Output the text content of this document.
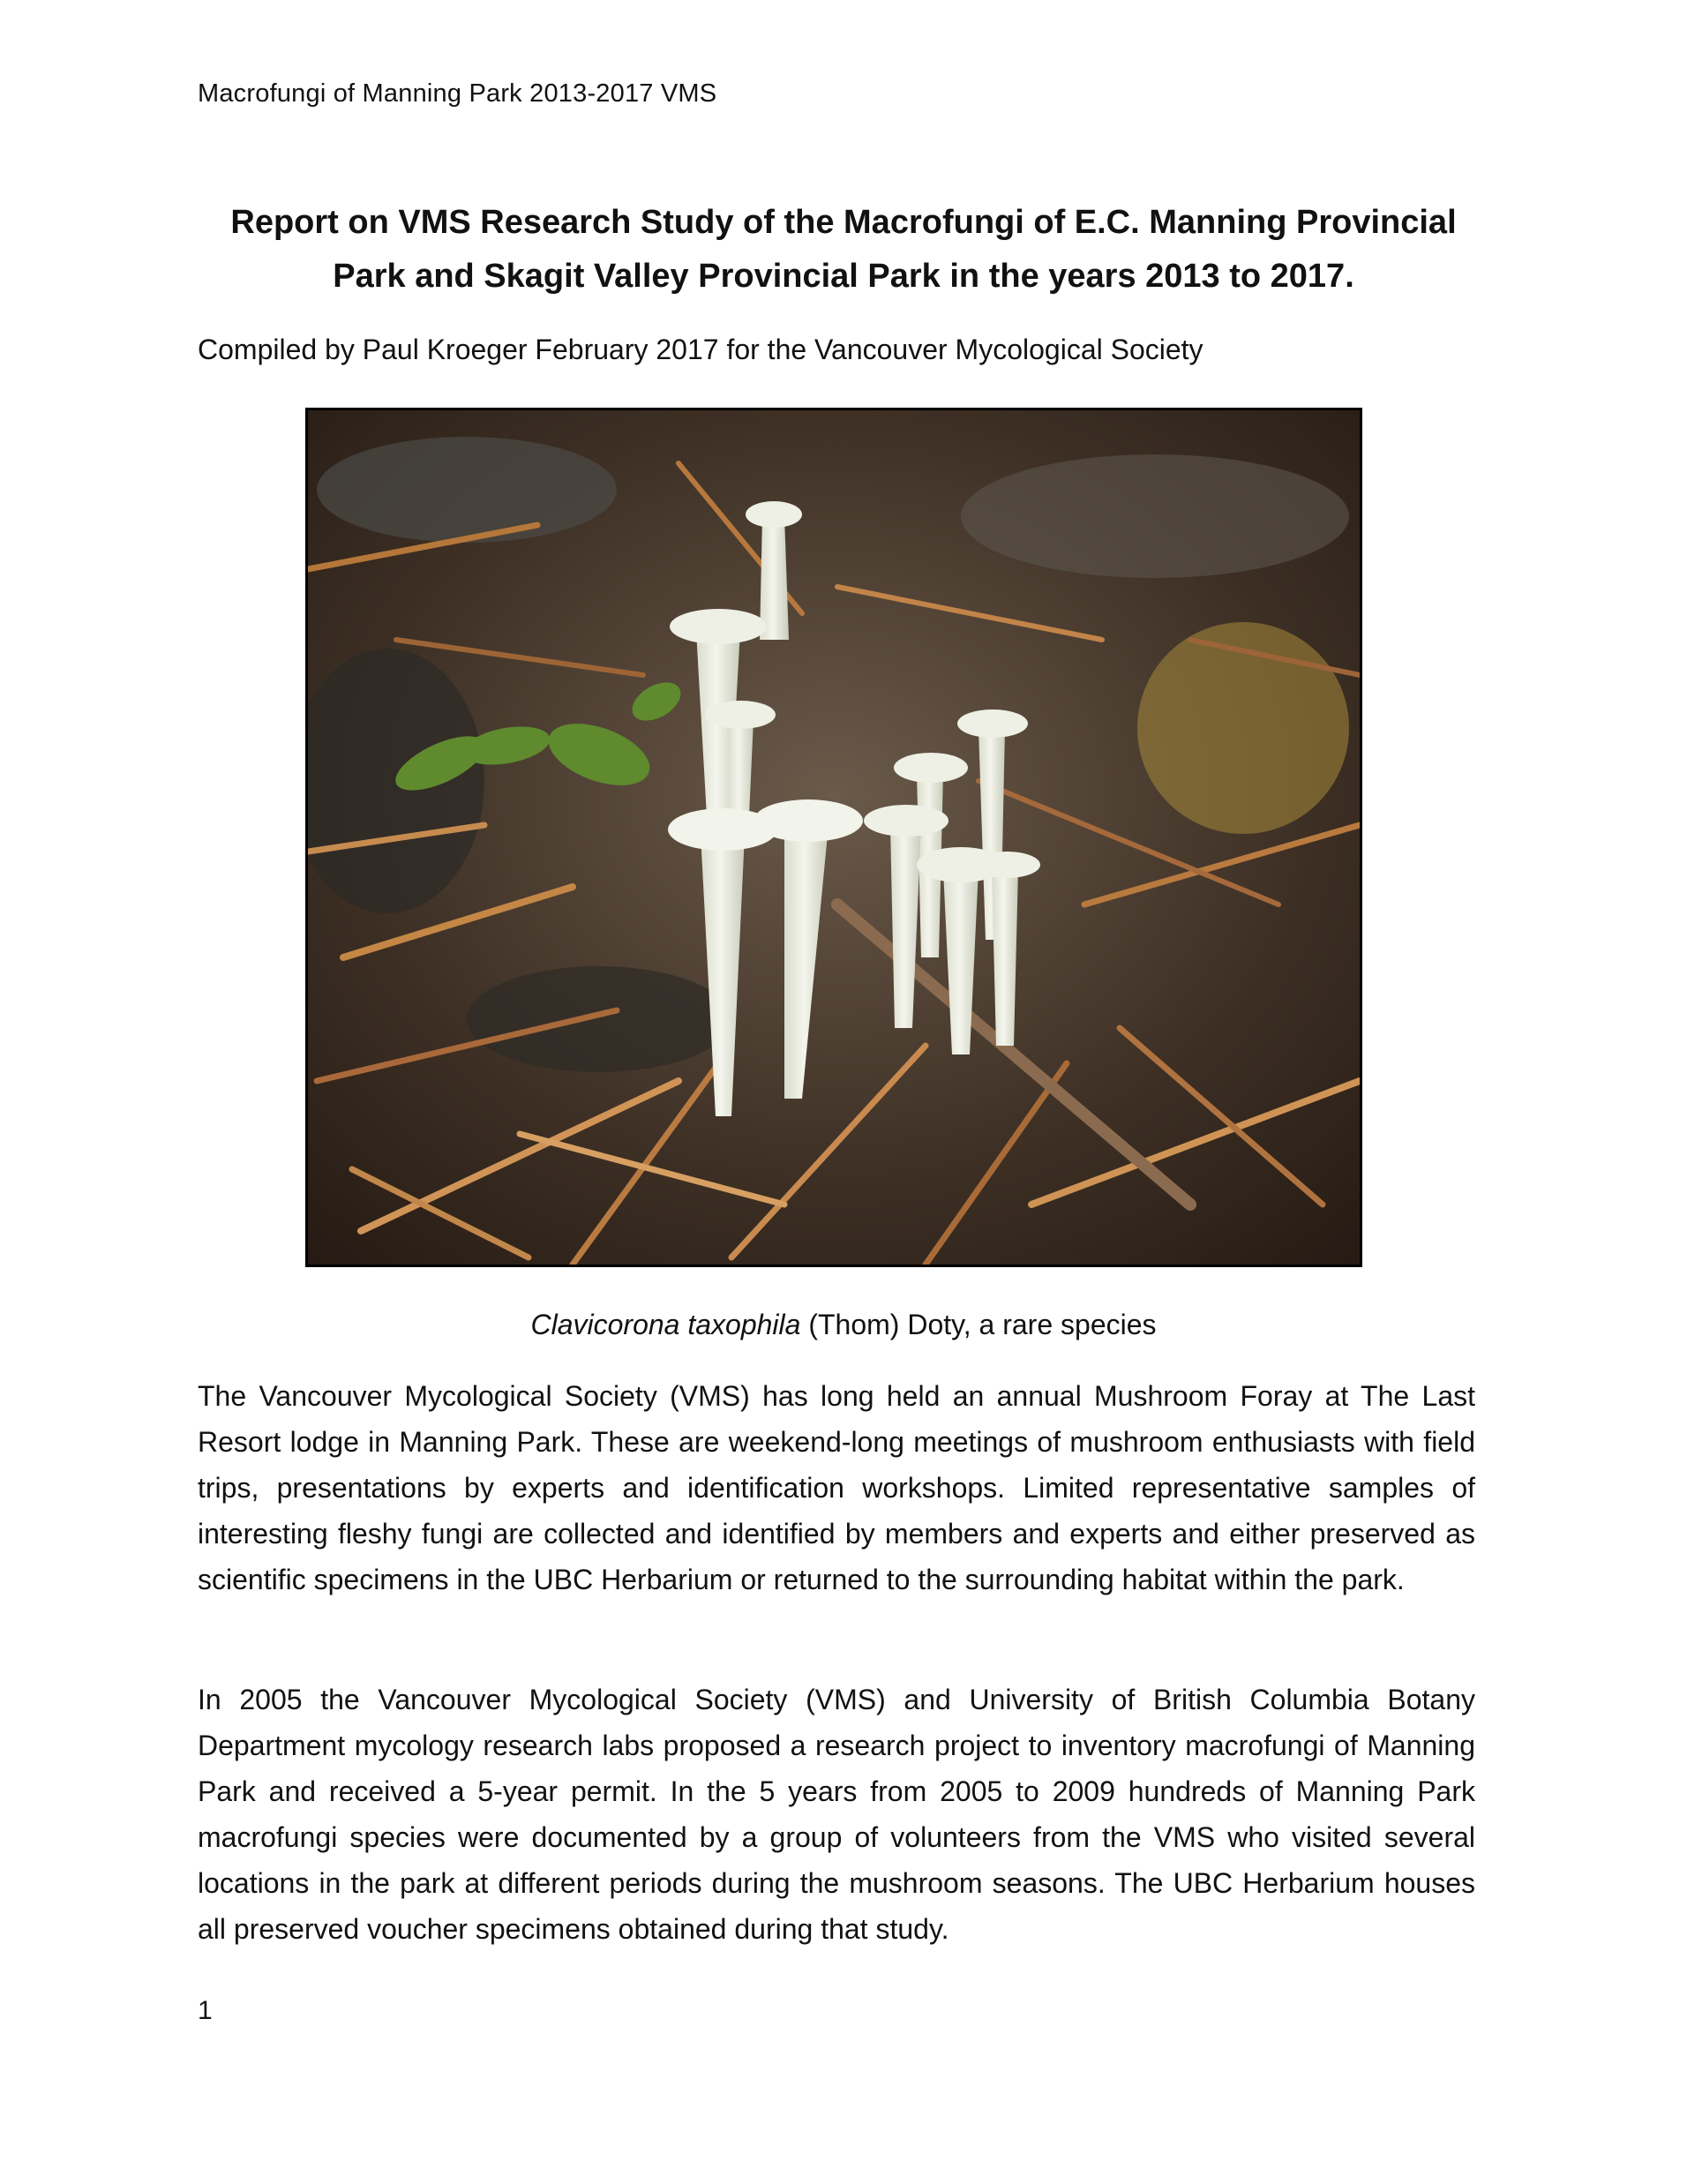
Macrofungi of Manning Park 2013-2017 VMS
Report on VMS Research Study of the Macrofungi of E.C. Manning Provincial
Park and Skagit Valley Provincial Park in the years 2013 to 2017.
Compiled by Paul Kroeger February 2017 for the Vancouver Mycological Society
Clavicorona taxophila (Thom) Doty, a rare species
The Vancouver Mycological Society (VMS) has long held an annual Mushroom Foray at The Last Resort lodge in Manning Park. These are weekend-long meetings of mushroom enthusiasts with field trips, presentations by experts and identification workshops. Limited representative samples of interesting fleshy fungi are collected and identified by members and experts and either preserved as scientific specimens in the UBC Herbarium or returned to the surrounding habitat within the park.
In 2005 the Vancouver Mycological Society (VMS) and University of British Columbia Botany Department mycology research labs proposed a research project to inventory macrofungi of Manning Park and received a 5-year permit. In the 5 years from 2005 to 2009 hundreds of Manning Park macrofungi species were documented by a group of volunteers from the VMS who visited several locations in the park at different periods during the mushroom seasons. The UBC Herbarium houses all preserved voucher specimens obtained during that study.
1
